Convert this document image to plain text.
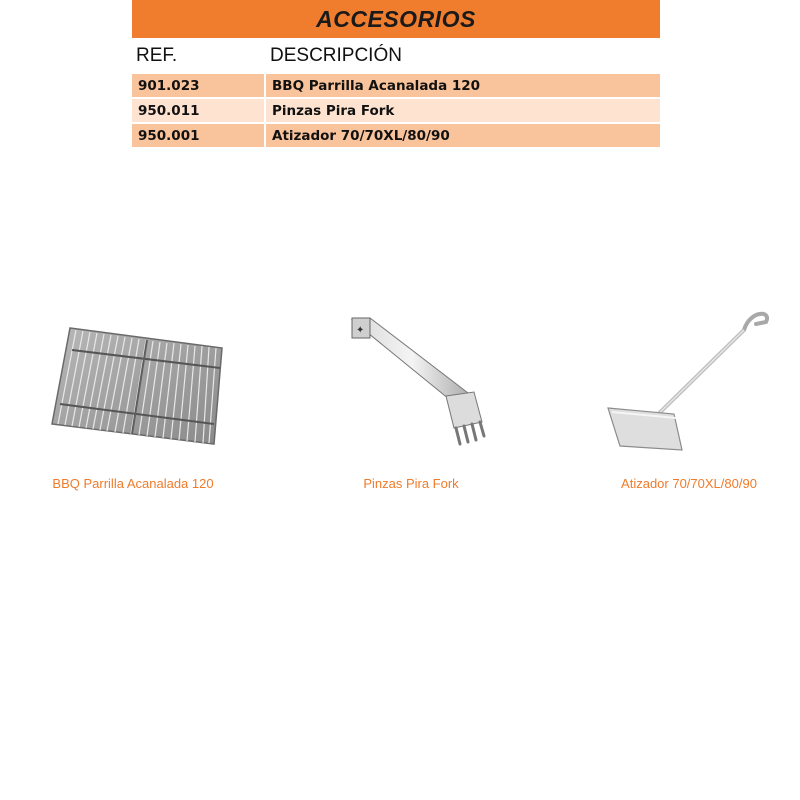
ACCESORIOS
REF.	DESCRIPCIÓN
901.023	BBQ Parrilla Acanalada 120
950.011	Pinzas Pira Fork
950.001	Atizador 70/70XL/80/90
BBQ Parrilla Acanalada 120
✦
Pinzas Pira Fork	Atizador 70/70XL/80/90
